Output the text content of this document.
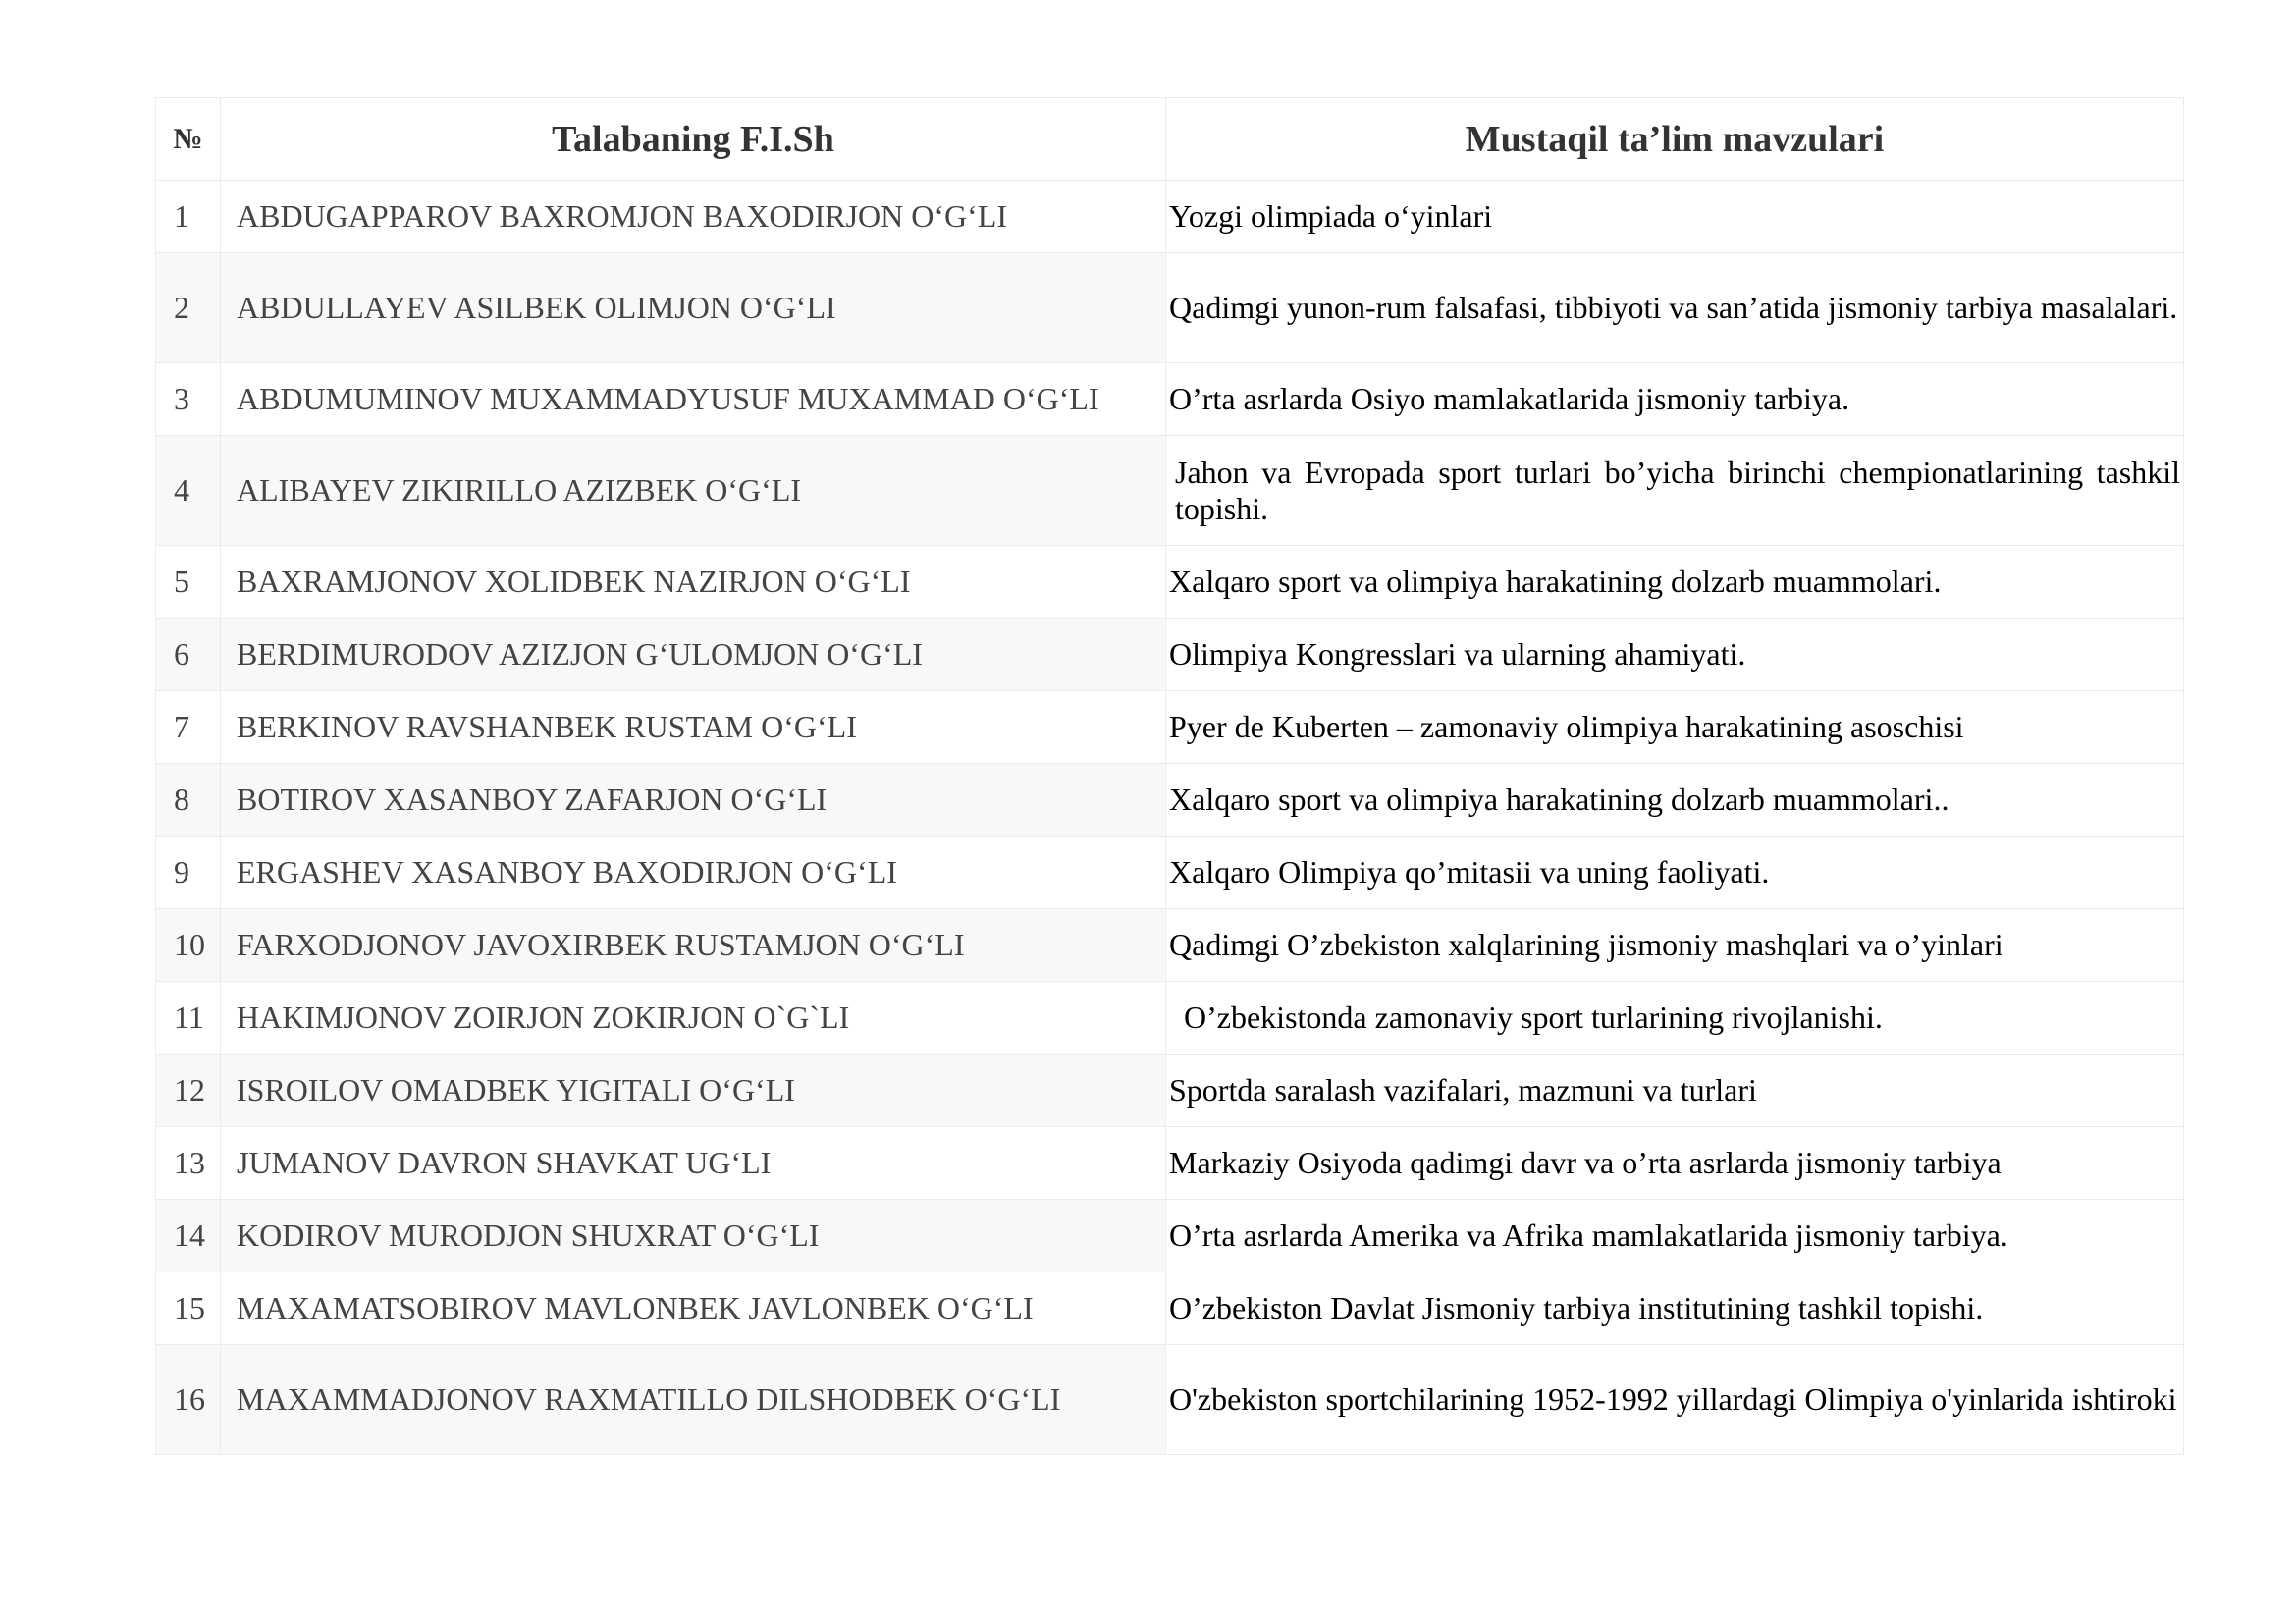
№	Talabaning F.I.Sh	Mustaqil ta’lim mavzulari
1	ABDUGAPPAROV BAXROMJON BAXODIRJON O‘G‘LI	Yozgi olimpiada o‘yinlari
2	ABDULLAYEV ASILBEK OLIMJON O‘G‘LI	Qadimgi yunon-rum falsafasi, tibbiyoti va san’atida jismoniy tarbiya masalalari.
3	ABDUMUMINOV MUXAMMADYUSUF MUXAMMAD O‘G‘LI	O’rta asrlarda Osiyo mamlakatlarida jismoniy tarbiya.
4	ALIBAYEV ZIKIRILLO AZIZBEK O‘G‘LI	Jahon va Evropada sport turlari bo’yicha birinchi chempionatlarining tashkil topishi.
5	BAXRAMJONOV XOLIDBEK NAZIRJON O‘G‘LI	Xalqaro sport va olimpiya harakatining dolzarb muammolari.
6	BERDIMURODOV AZIZJON G‘ULOMJON O‘G‘LI	Olimpiya Kongresslari va ularning ahamiyati.
7	BERKINOV RAVSHANBEK RUSTAM O‘G‘LI	Pyer de Kuberten – zamonaviy olimpiya harakatining asoschisi
8	BOTIROV XASANBOY ZAFARJON O‘G‘LI	Xalqaro sport va olimpiya harakatining dolzarb muammolari..
9	ERGASHEV XASANBOY BAXODIRJON O‘G‘LI	Xalqaro Olimpiya qo’mitasii va uning faoliyati.
10	FARXODJONOV JAVOXIRBEK RUSTAMJON O‘G‘LI	Qadimgi O’zbekiston xalqlarining jismoniy mashqlari va o’yinlari
11	HAKIMJONOV ZOIRJON ZOKIRJON O`G`LI	O’zbekistonda zamonaviy sport turlarining rivojlanishi.
12	ISROILOV OMADBEK YIGITALI O‘G‘LI	Sportda saralash vazifalari, mazmuni va turlari
13	JUMANOV DAVRON SHAVKAT UG‘LI	Markaziy Osiyoda qadimgi davr va o’rta asrlarda jismoniy tarbiya
14	KODIROV MURODJON SHUXRAT O‘G‘LI	O’rta asrlarda Amerika va Afrika mamlakatlarida jismoniy tarbiya.
15	MAXAMATSOBIROV MAVLONBEK JAVLONBEK O‘G‘LI	O’zbekiston Davlat Jismoniy tarbiya institutining tashkil topishi.
16	MAXAMMADJONOV RAXMATILLO DILSHODBEK O‘G‘LI	O'zbekiston sportchilarining 1952-1992 yillardagi Olimpiya o'yinlarida ishtiroki
